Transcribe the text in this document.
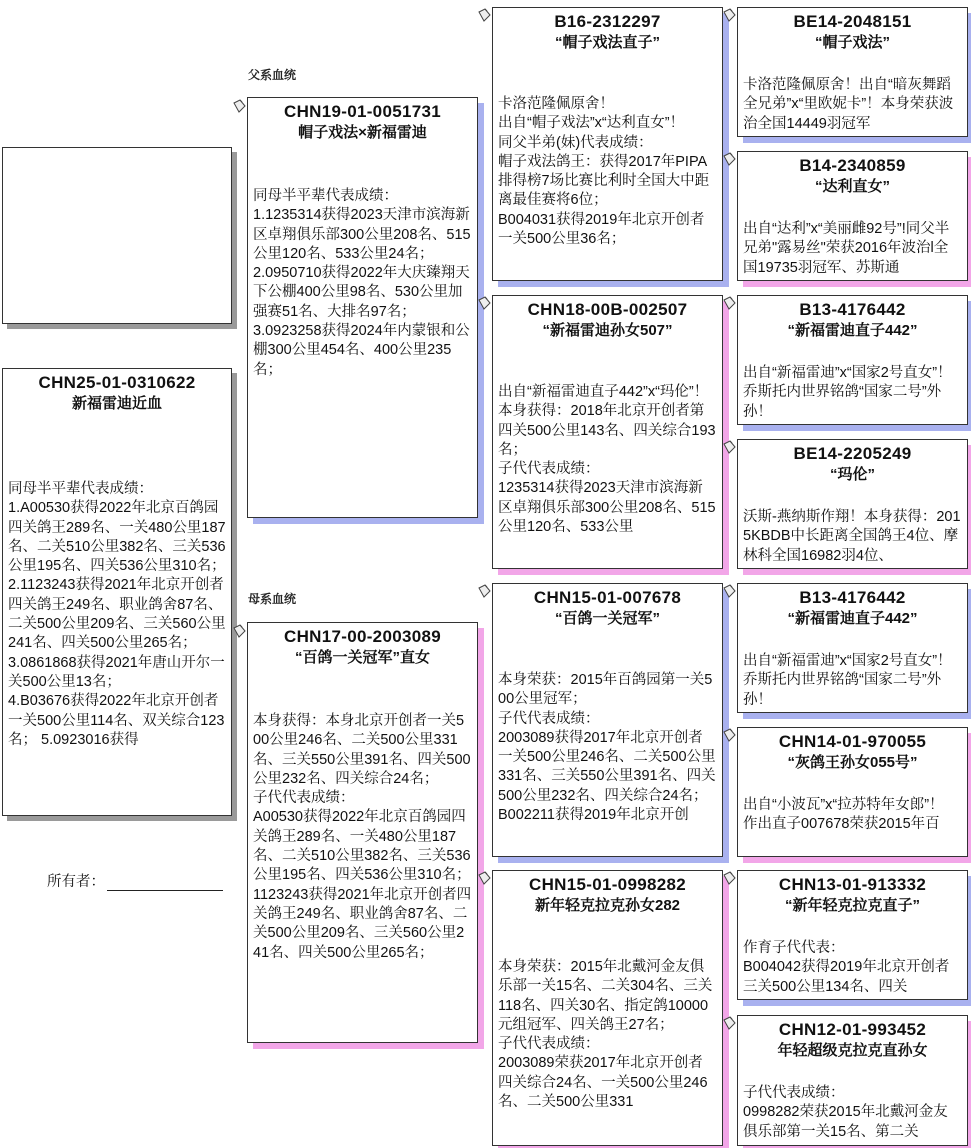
CHN25-01-0310622
新福雷迪近血
同母半平辈代表成绩：
1.A00530获得2022年北京百鸽园四关鸽王289名、一关480公里187名、二关510公里382名、三关536公里195名、四关536公里310名； 2.1123243获得2021年北京开创者四关鸽王249名、职业鸽舍87名、二关500公里209名、三关560公里241名、四关500公里265名；
3.0861868获得2021年唐山开尔一关500公里13名；
4.B03676获得2022年北京开创者一关500公里114名、双关综合123名； 5.0923016获得
所有者：
父系血统
母系血统
CHN19-01-0051731
帽子戏法×新福雷迪
同母半平辈代表成绩：
1.1235314获得2023天津市滨海新区卓翔俱乐部300公里208名、515公里120名、533公里24名；
2.0950710获得2022年大庆臻翔天下公棚400公里98名、530公里加强赛51名、大排名97名；
3.0923258获得2024年内蒙银和公棚300公里454名、400公里235名；
CHN17-00-2003089
“百鸽一关冠军”直女
本身获得：本身北京开创者一关500公里246名、二关500公里331名、三关550公里391名、四关500公里232名、四关综合24名；
子代代表成绩：
A00530获得2022年北京百鸽园四关鸽王289名、一关480公里187名、二关510公里382名、三关536公里195名、四关536公里310名；
1123243获得2021年北京开创者四关鸽王249名、职业鸽舍87名、二关500公里209名、三关560公里241名、四关500公里265名；
B16-2312297
“帽子戏法直子”
卡洛范隆佩原舍！
出自“帽子戏法”x“达利直女”！
同父半弟(妹)代表成绩：
帽子戏法鸽王：获得2017年PIPA排得榜7场比赛比利时全国大中距离最佳赛将6位；
B004031获得2019年北京开创者一关500公里36名；
CHN18-00B-002507
“新福雷迪孙女507”
出自“新福雷迪直子442”x“玛伦”！
本身获得：2018年北京开创者第四关500公里143名、四关综合193名；
子代代表成绩：
1235314获得2023天津市滨海新区卓翔俱乐部300公里208名、515公里120名、533公里
CHN15-01-007678
“百鸽一关冠军”
本身荣获：2015年百鸽园第一关500公里冠军；
子代代表成绩：
2003089获得2017年北京开创者一关500公里246名、二关500公里331名、三关550公里391名、四关500公里232名、四关综合24名；
B002211获得2019年北京开创
CHN15-01-0998282
新年轻克拉克孙女282
本身荣获：2015年北戴河金友俱乐部一关15名、二关304名、三关118名、四关30名、指定鸽10000元组冠军、四关鸽王27名；
子代代表成绩：
2003089荣获2017年北京开创者四关综合24名、一关500公里246名、二关500公里331
BE14-2048151
“帽子戏法”
卡洛范隆佩原舍！出自“暗灰舞蹈全兄弟”x“里欧妮卡”！本身荣获波治全国14449羽冠军
B14-2340859
“达利直女”
出自“达利”x“美丽雌92号”!同父半兄弟"露易丝"荣获2016年波治l全国19735羽冠军、苏斯通
B13-4176442
“新福雷迪直子442”
出自“新福雷迪”x“国家2号直女”！乔斯托内世界铭鸽“国家二号”外孙！
BE14-2205249
“玛伦”
沃斯-燕纳斯作翔！本身获得：2015KBDB中长距离全国鸽王4位、摩林科全国16982羽4位、
B13-4176442
“新福雷迪直子442”
出自“新福雷迪”x“国家2号直女”！乔斯托内世界铭鸽“国家二号”外孙！
CHN14-01-970055
“灰鸽王孙女055号”
出自“小波瓦”x“拉苏特年女郎”！
作出直子007678荣获2015年百
CHN13-01-913332
“新年轻克拉克直子”
作育子代代表：
B004042获得2019年北京开创者三关500公里134名、四关
CHN12-01-993452
年轻超级克拉克直孙女
子代代表成绩：
0998282荣获2015年北戴河金友俱乐部第一关15名、第二关
